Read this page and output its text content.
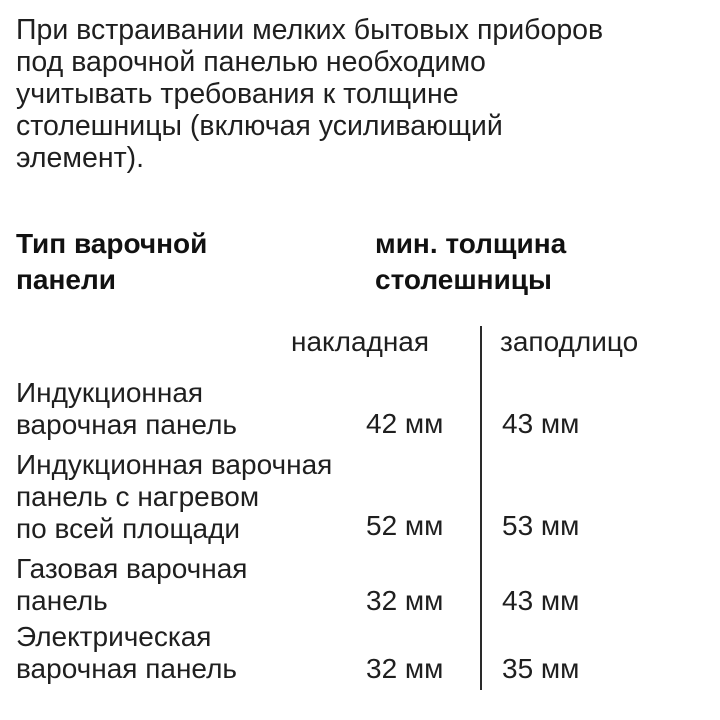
При встраивании мелких бытовых приборов
под варочной панелью необходимо
учитывать требования к толщине
столешницы (включая усиливающий
элемент).

Тип варочной
панели
мин. толщина
столешницы
накладная	заподлицо
Индукционная
варочная панель	42 мм 43 мм
Индукционная варочная
панель с нагревом
по всей площади	52 мм 53 мм
Газовая варочная
панель	32 мм 43 мм
Электрическая
варочная панель	32 мм 35 мм
